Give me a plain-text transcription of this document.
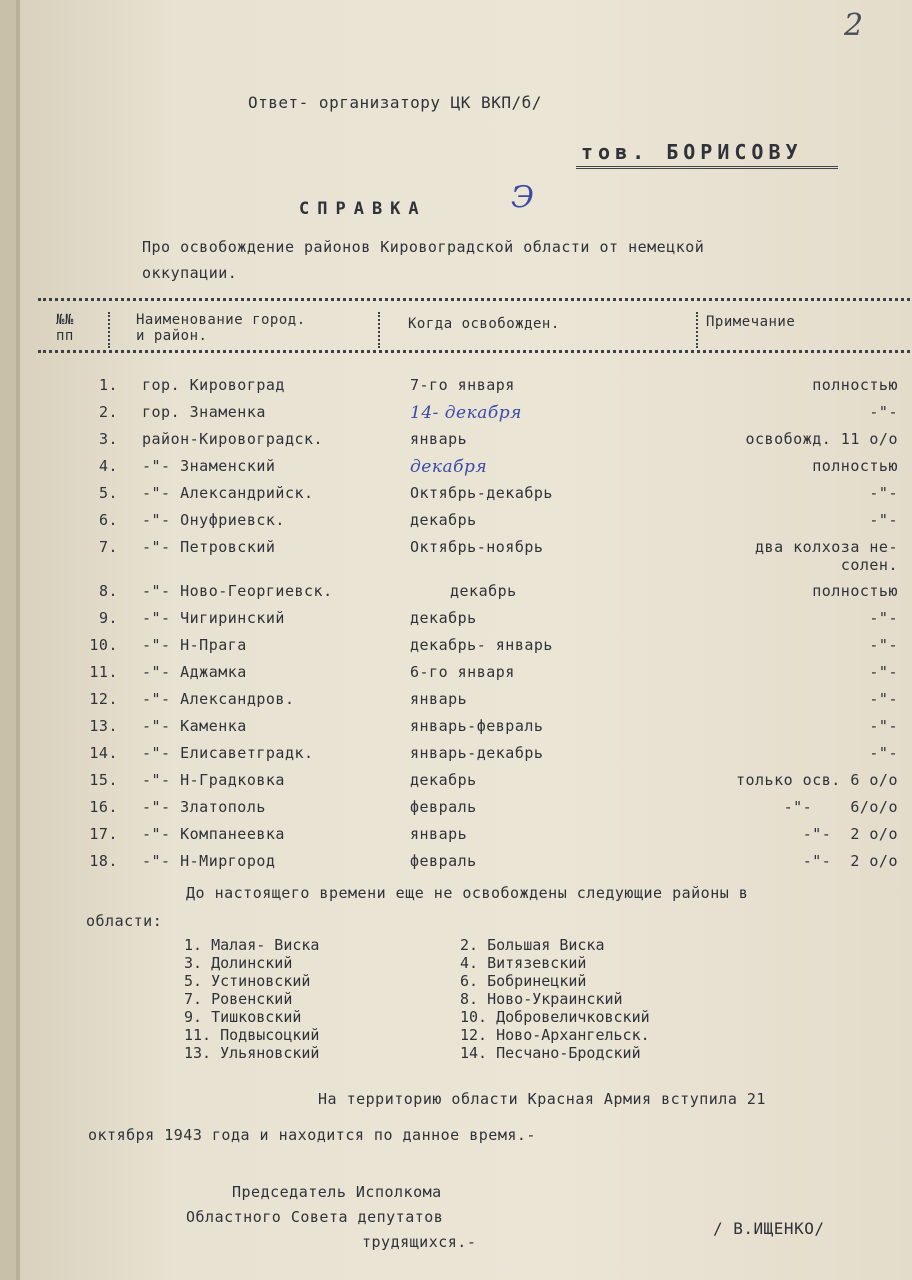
2
Ответ- организатору ЦК ВКП/б/
тов. БОРИСОВУ
СПРАВКА	Э
Про освобождение районов Кировоградской области от немецкой
оккупации.
№№
пп
Наименование город.
и район.
Когда освобожден.	Примечание
1. гор. Кировоград	7-го января	полностью
2. гор. Знаменка	14- декабря	-"-
3. район-Кировоградск.	январь	освобожд. 11 о/о
4. -"- Знаменский	декабря	полностью
5. -"- Александрийск.	Октябрь-декабрь	-"-
6. -"- Онуфриевск.	декабрь	-"-
7. -"- Петровский	Октябрь-ноябрь	два колхоза не-
солен.
8. -"- Ново-Георгиевск.	декабрь	полностью
9. -"- Чигиринский	декабрь	-"-
10. -"- Н-Прага	декабрь- январь	-"-
11. -"- Аджамка	6-го января	-"-
12. -"- Александров.	январь	-"-
13. -"- Каменка	январь-февраль	-"-
14. -"- Елисаветградк.	январь-декабрь	-"-
15. -"- Н-Градковка	декабрь	только осв. 6 о/о
16. -"- Златополь	февраль	-"-    6/о/о
17. -"- Компанеевка	январь	-"-  2 о/о
18. -"- Н-Миргород	февраль	-"-  2 о/о
До настоящего времени еще не освобождены следующие районы в
области:
1. Малая- Виска
3. Долинский
5. Устиновский
7. Ровенский
9. Тишковский
11. Подвысоцкий
13. Ульяновский
2. Большая Виска
4. Витязевский
6. Бобринецкий
8. Ново-Украинский
10. Добровеличковский
12. Ново-Архангельск.
14. Песчано-Бродский
На территорию области Красная Армия вступила 21
октября 1943 года и находится по данное время.-
Председатель Исполкома
Областного Совета депутатов
трудящихся.-
/ В.ИЩЕНКО/
